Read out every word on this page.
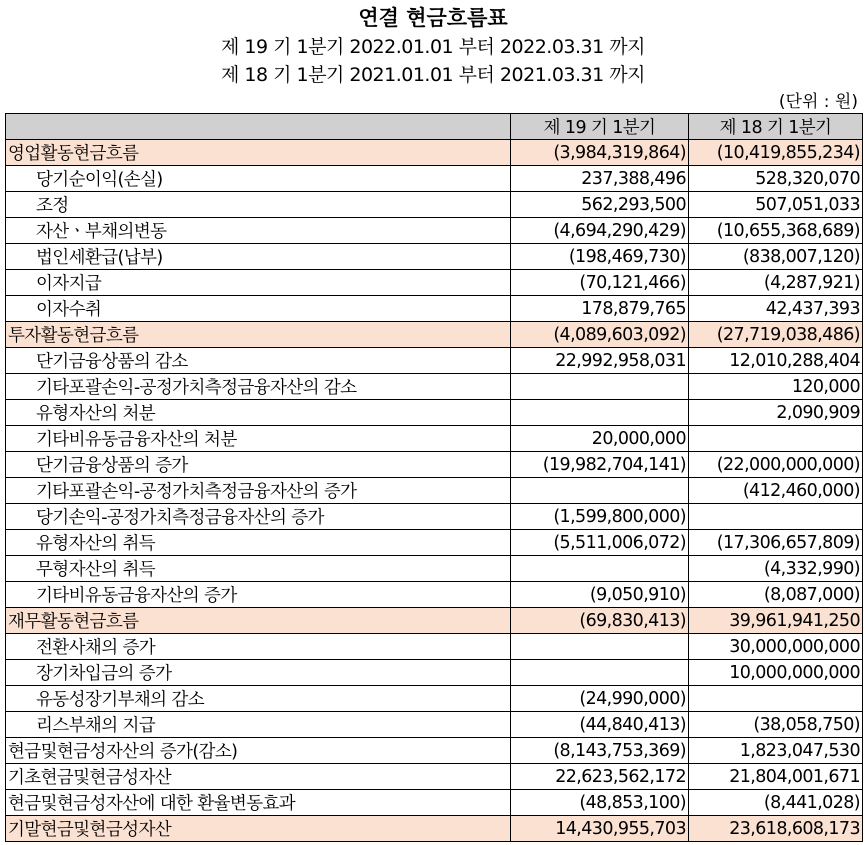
연결 현금흐름표
제 19 기 1분기 2022.01.01 부터 2022.03.31 까지
제 18 기 1분기 2021.01.01 부터 2021.03.31 까지
(단위 : 원)
	제 19 기 1분기	제 18 기 1분기
영업활동현금흐름	(3,984,319,864)	(10,419,855,234)
당기순이익(손실)	237,388,496	528,320,070
조정	562,293,500	507,051,033
자산ㆍ부채의변동	(4,694,290,429)	(10,655,368,689)
법인세환급(납부)	(198,469,730)	(838,007,120)
이자지급	(70,121,466)	(4,287,921)
이자수취	178,879,765	42,437,393
투자활동현금흐름	(4,089,603,092)	(27,719,038,486)
단기금융상품의 감소	22,992,958,031	12,010,288,404
기타포괄손익-공정가치측정금융자산의 감소		120,000
유형자산의 처분		2,090,909
기타비유동금융자산의 처분	20,000,000	
단기금융상품의 증가	(19,982,704,141)	(22,000,000,000)
기타포괄손익-공정가치측정금융자산의 증가		(412,460,000)
당기손익-공정가치측정금융자산의 증가	(1,599,800,000)	
유형자산의 취득	(5,511,006,072)	(17,306,657,809)
무형자산의 취득		(4,332,990)
기타비유동금융자산의 증가	(9,050,910)	(8,087,000)
재무활동현금흐름	(69,830,413)	39,961,941,250
전환사채의 증가		30,000,000,000
장기차입금의 증가		10,000,000,000
유동성장기부채의 감소	(24,990,000)	
리스부채의 지급	(44,840,413)	(38,058,750)
현금및현금성자산의 증가(감소)	(8,143,753,369)	1,823,047,530
기초현금및현금성자산	22,623,562,172	21,804,001,671
현금및현금성자산에 대한 환율변동효과	(48,853,100)	(8,441,028)
기말현금및현금성자산	14,430,955,703	23,618,608,173
